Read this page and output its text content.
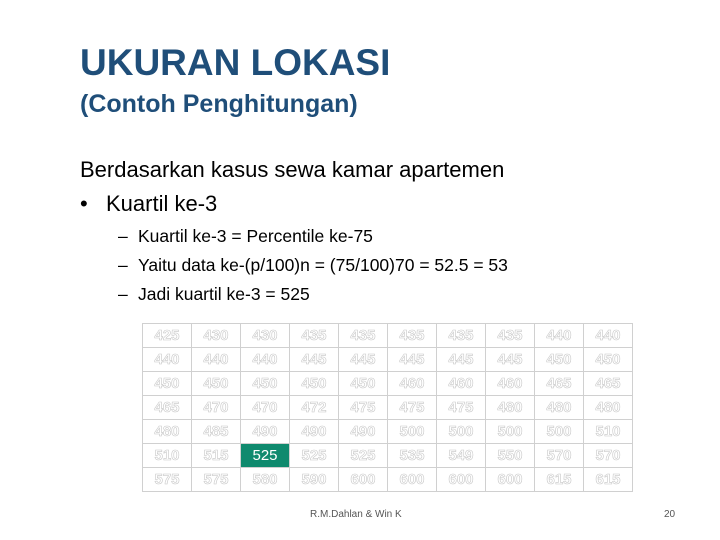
UKURAN LOKASI
(Contoh Penghitungan)
Berdasarkan kasus sewa kamar apartemen
• Kuartil ke-3
– Kuartil ke-3 = Percentile ke-75
– Yaitu data ke-(p/100)n = (75/100)70 = 52.5 = 53
– Jadi kuartil ke-3 = 525
425	430	430	435	435	435	435	435	440	440
440	440	440	445	445	445	445	445	450	450
450	450	450	450	450	460	460	460	465	465
465	470	470	472	475	475	475	480	480	480
480	485	490	490	490	500	500	500	500	510
510	515	525	525	525	535	549	550	570	570
575	575	580	590	600	600	600	600	615	615
R.M.Dahlan & Win K	20
